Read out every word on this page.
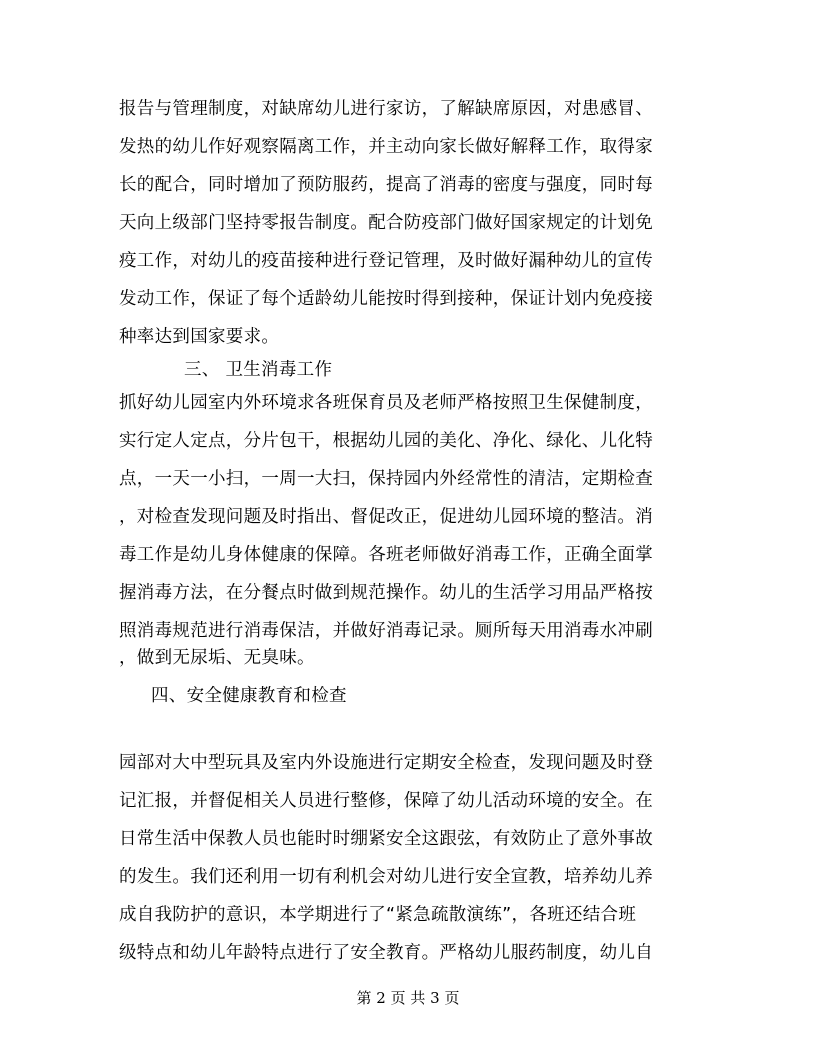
报告与管理制度，对缺席幼儿进行家访，了解缺席原因，对患感冒、
发热的幼儿作好观察隔离工作，并主动向家长做好解释工作，取得家
长的配合，同时增加了预防服药，提高了消毒的密度与强度，同时每
天向上级部门坚持零报告制度。配合防疫部门做好国家规定的计划免
疫工作，对幼儿的疫苗接种进行登记管理，及时做好漏种幼儿的宣传
发动工作，保证了每个适龄幼儿能按时得到接种，保证计划内免疫接
种率达到国家要求。
三、 卫生消毒工作
抓好幼儿园室内外环境求各班保育员及老师严格按照卫生保健制度，
实行定人定点，分片包干，根据幼儿园的美化、净化、绿化、儿化特
点，一天一小扫，一周一大扫，保持园内外经常性的清洁，定期检查
，对检查发现问题及时指出、督促改正，促进幼儿园环境的整洁。消
毒工作是幼儿身体健康的保障。各班老师做好消毒工作，正确全面掌
握消毒方法，在分餐点时做到规范操作。幼儿的生活学习用品严格按
照消毒规范进行消毒保洁，并做好消毒记录。厕所每天用消毒水冲刷
，做到无尿垢、无臭味。
四、安全健康教育和检查
园部对大中型玩具及室内外设施进行定期安全检查，发现问题及时登
记汇报，并督促相关人员进行整修，保障了幼儿活动环境的安全。在
日常生活中保教人员也能时时绷紧安全这跟弦，有效防止了意外事故
的发生。我们还利用一切有利机会对幼儿进行安全宣教，培养幼儿养
成自我防护的意识，本学期进行了“紧急疏散演练”，各班还结合班
级特点和幼儿年龄特点进行了安全教育。严格幼儿服药制度，幼儿自
第 2 页 共 3 页
